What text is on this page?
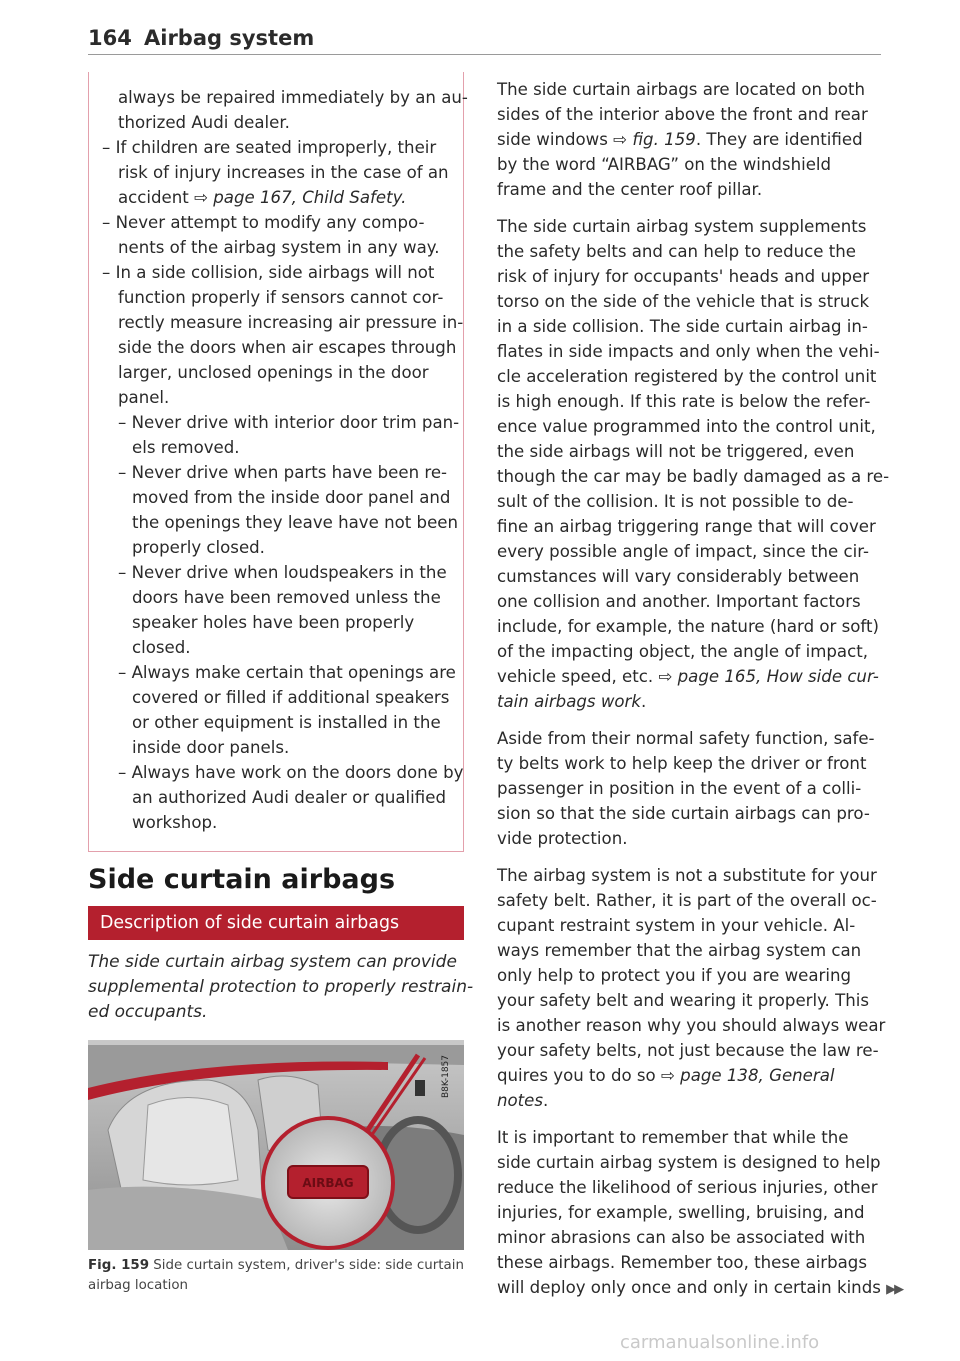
164 Airbag system
always be repaired immediately by an au-
thorized Audi dealer.
– If children are seated improperly, their
risk of injury increases in the case of an
accident ⇨ page 167, Child Safety.
– Never attempt to modify any compo-
nents of the airbag system in any way.
– In a side collision, side airbags will not
function properly if sensors cannot cor-
rectly measure increasing air pressure in-
side the doors when air escapes through
larger, unclosed openings in the door
panel.
– Never drive with interior door trim pan-
els removed.
– Never drive when parts have been re-
moved from the inside door panel and
the openings they leave have not been
properly closed.
– Never drive when loudspeakers in the
doors have been removed unless the
speaker holes have been properly
closed.
– Always make certain that openings are
covered or filled if additional speakers
or other equipment is installed in the
inside door panels.
– Always have work on the doors done by
an authorized Audi dealer or qualified
workshop.
Side curtain airbags
Description of side curtain airbags
The side curtain airbag system can provide
supplemental protection to properly restrain-
ed occupants.
AIRBAG
B8K-1857
Fig. 159 Side curtain system, driver's side: side curtain
airbag location
The side curtain airbags are located on both
sides of the interior above the front and rear
side windows ⇨ fig. 159. They are identified
by the word “AIRBAG” on the windshield
frame and the center roof pillar.
The side curtain airbag system supplements
the safety belts and can help to reduce the
risk of injury for occupants' heads and upper
torso on the side of the vehicle that is struck
in a side collision. The side curtain airbag in-
flates in side impacts and only when the vehi-
cle acceleration registered by the control unit
is high enough. If this rate is below the refer-
ence value programmed into the control unit,
the side airbags will not be triggered, even
though the car may be badly damaged as a re-
sult of the collision. It is not possible to de-
fine an airbag triggering range that will cover
every possible angle of impact, since the cir-
cumstances will vary considerably between
one collision and another. Important factors
include, for example, the nature (hard or soft)
of the impacting object, the angle of impact,
vehicle speed, etc. ⇨ page 165, How side cur-
tain airbags work.
Aside from their normal safety function, safe-
ty belts work to help keep the driver or front
passenger in position in the event of a colli-
sion so that the side curtain airbags can pro-
vide protection.
The airbag system is not a substitute for your
safety belt. Rather, it is part of the overall oc-
cupant restraint system in your vehicle. Al-
ways remember that the airbag system can
only help to protect you if you are wearing
your safety belt and wearing it properly. This
is another reason why you should always wear
your safety belts, not just because the law re-
quires you to do so ⇨ page 138, General
notes.
It is important to remember that while the
side curtain airbag system is designed to help
reduce the likelihood of serious injuries, other
injuries, for example, swelling, bruising, and
minor abrasions can also be associated with
these airbags. Remember too, these airbags
will deploy only once and only in certain kinds ▶▶
carmanualsonline.info
